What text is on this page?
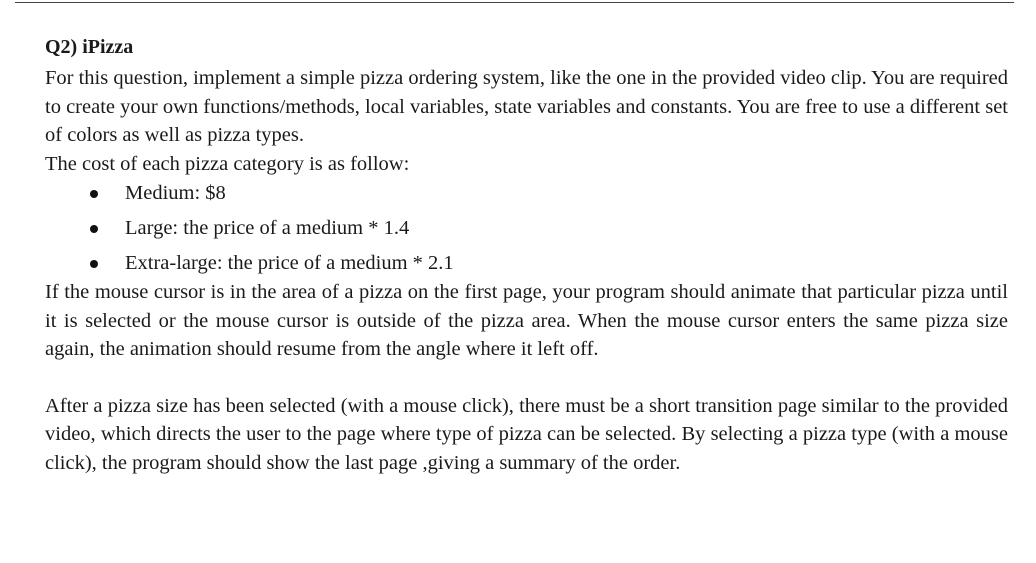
Q2) iPizza

For this question, implement a simple pizza ordering system, like the one in the provided video clip. You are required to create your own functions/methods, local variables, state variables and constants. You are free to use a different set of colors as well as pizza types.

The cost of each pizza category is as follow:

Medium: $8
Large: the price of a medium * 1.4
Extra-large: the price of a medium * 2.1

If the mouse cursor is in the area of a pizza on the first page, your program should animate that particular pizza until it is selected or the mouse cursor is outside of the pizza area. When the mouse cursor enters the same pizza size again, the animation should resume from the angle where it left off.

After a pizza size has been selected (with a mouse click), there must be a short transition page similar to the provided video, which directs the user to the page where type of pizza can be selected. By selecting a pizza type (with a mouse click), the program should show the last page ,giving a summary of the order.
